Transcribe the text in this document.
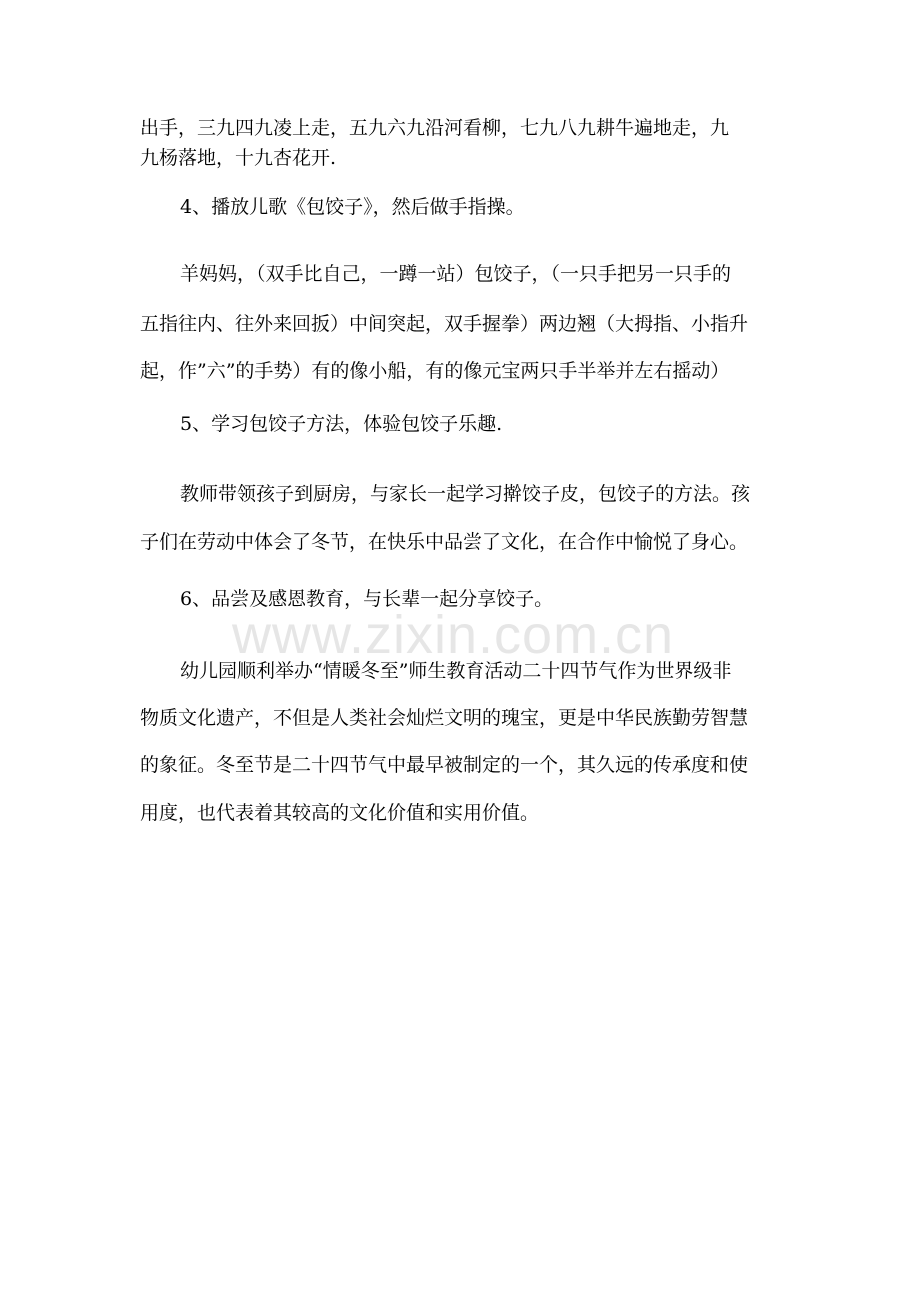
出手，三九四九凌上走，五九六九沿河看柳，七九八九耕牛遍地走，九
九杨落地，十九杏花开.
4、播放儿歌《包饺子》，然后做手指操。
羊妈妈，（双手比自己，一蹲一站）包饺子，（一只手把另一只手的
五指往内、往外来回扳）中间突起，双手握拳）两边翘（大拇指、小指升
起，作”六”的手势）有的像小船，有的像元宝两只手半举并左右摇动）
5、学习包饺子方法，体验包饺子乐趣.
教师带领孩子到厨房，与家长一起学习擀饺子皮，包饺子的方法。孩
子们在劳动中体会了冬节，在快乐中品尝了文化，在合作中愉悦了身心。
6、品尝及感恩教育，与长辈一起分享饺子。
www.zixin.com.cn
幼儿园顺利举办“情暖冬至”师生教育活动二十四节气作为世界级非
物质文化遗产，不但是人类社会灿烂文明的瑰宝，更是中华民族勤劳智慧
的象征。冬至节是二十四节气中最早被制定的一个，其久远的传承度和使
用度，也代表着其较高的文化价值和实用价值。
